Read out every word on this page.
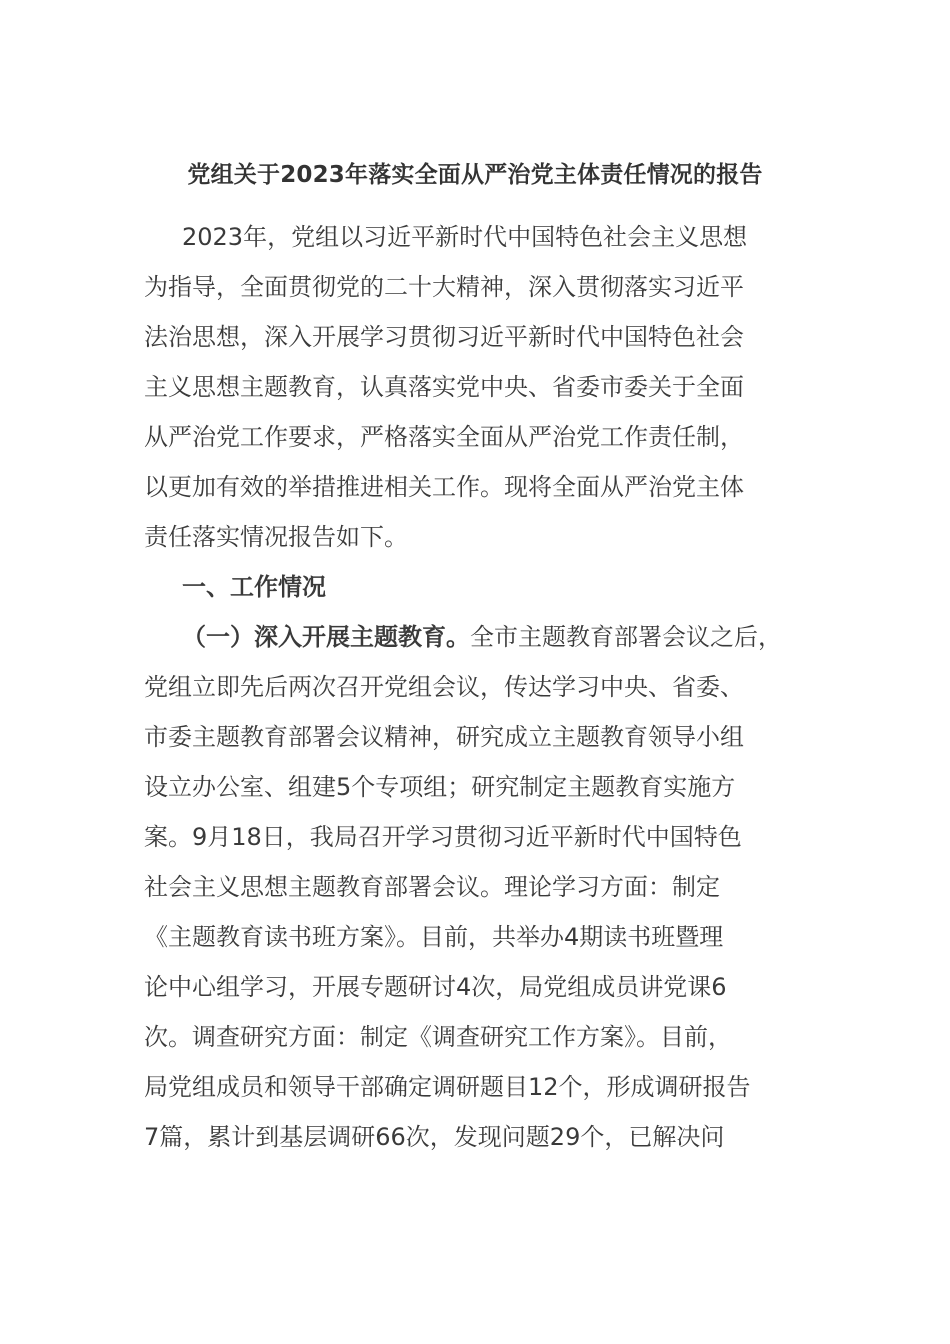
党组关于2023年落实全面从严治党主体责任情况的报告
2023年，党组以习近平新时代中国特色社会主义思想
为指导，全面贯彻党的二十大精神，深入贯彻落实习近平
法治思想，深入开展学习贯彻习近平新时代中国特色社会
主义思想主题教育，认真落实党中央、省委市委关于全面
从严治党工作要求，严格落实全面从严治党工作责任制，
以更加有效的举措推进相关工作。现将全面从严治党主体
责任落实情况报告如下。
一、工作情况
（一）深入开展主题教育。全市主题教育部署会议之后，
党组立即先后两次召开党组会议，传达学习中央、省委、
市委主题教育部署会议精神，研究成立主题教育领导小组
设立办公室、组建5个专项组；研究制定主题教育实施方
案。9月18日，我局召开学习贯彻习近平新时代中国特色
社会主义思想主题教育部署会议。理论学习方面：制定
《主题教育读书班方案》。目前，共举办4期读书班暨理
论中心组学习，开展专题研讨4次，局党组成员讲党课6
次。调查研究方面：制定《调查研究工作方案》。目前，
局党组成员和领导干部确定调研题目12个，形成调研报告
7篇，累计到基层调研66次，发现问题29个，已解决问
